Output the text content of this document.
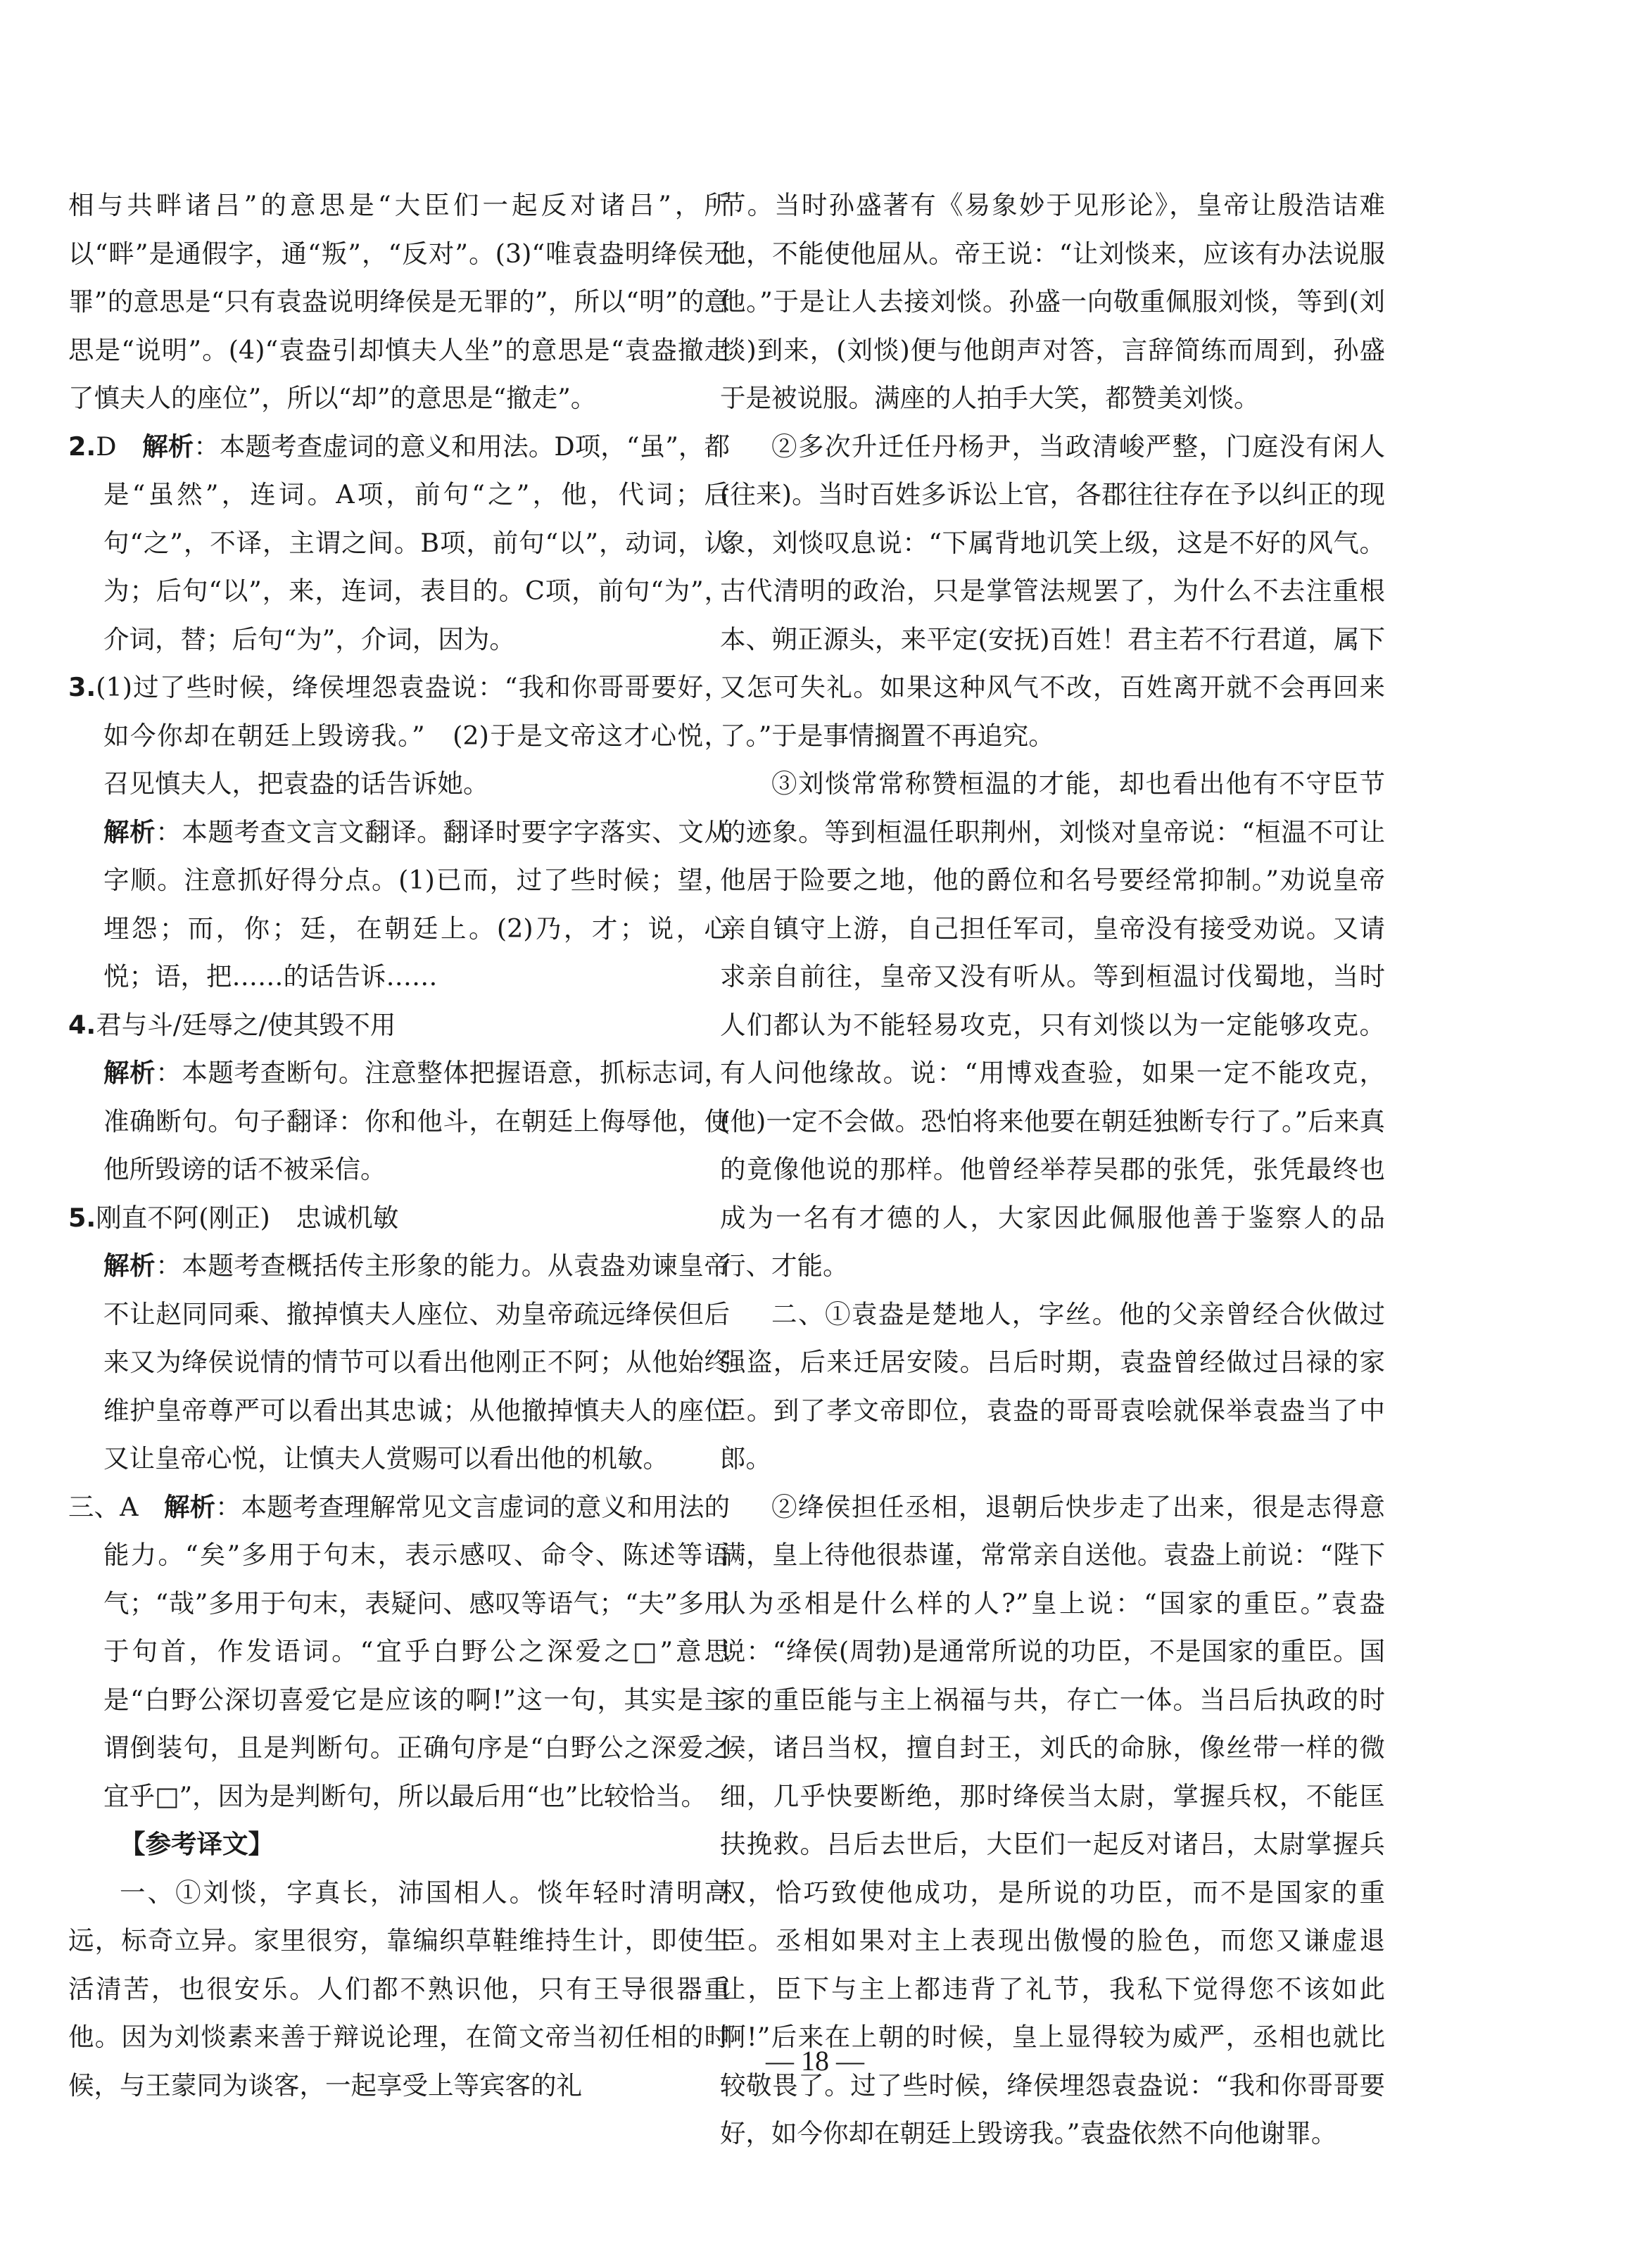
相与共畔诸吕”的意思是“大臣们一起反对诸吕”，所以“畔”是通假字，通“叛”，“反对”。(3)“唯袁盎明绛侯无罪”的意思是“只有袁盎说明绛侯是无罪的”，所以“明”的意思是“说明”。(4)“袁盎引却慎夫人坐”的意思是“袁盎撤走了慎夫人的座位”，所以“却”的意思是“撤走”。

2.D　 解析：本题考查虚词的意义和用法。D项，“虽”，都是“虽然”，连词。A项，前句“之”，他，代词；后句“之”，不译，主谓之间。B项，前句“以”，动词，认为；后句“以”，来，连词，表目的。C项，前句“为”，介词，替；后句“为”，介词，因为。

3.(1)过了些时候，绛侯埋怨袁盎说：“我和你哥哥要好，如今你却在朝廷上毁谤我。”　(2)于是文帝这才心悦，召见慎夫人，把袁盎的话告诉她。

解析：本题考查文言文翻译。翻译时要字字落实、文从字顺。注意抓好得分点。(1)已而，过了些时候；望，埋怨；而，你；廷，在朝廷上。(2)乃，才；说，心悦；语，把……的话告诉……

4.君与斗/廷辱之/使其毁不用

解析：本题考查断句。注意整体把握语意，抓标志词，准确断句。句子翻译：你和他斗，在朝廷上侮辱他，使他所毁谤的话不被采信。

5.刚直不阿(刚正)　忠诚机敏

解析：本题考查概括传主形象的能力。从袁盎劝谏皇帝不让赵同同乘、撤掉慎夫人座位、劝皇帝疏远绛侯但后来又为绛侯说情的情节可以看出他刚正不阿；从他始终维护皇帝尊严可以看出其忠诚；从他撤掉慎夫人的座位又让皇帝心悦，让慎夫人赏赐可以看出他的机敏。

三、A　 解析：本题考查理解常见文言虚词的意义和用法的能力。“矣”多用于句末，表示感叹、命令、陈述等语气；“哉”多用于句末，表疑问、感叹等语气；“夫”多用于句首，作发语词。“宜乎白野公之深爱之□”意思是“白野公深切喜爱它是应该的啊!”这一句，其实是主谓倒装句，且是判断句。正确句序是“白野公之深爱之宜乎□”，因为是判断句，所以最后用“也”比较恰当。

【参考译文】

一、①刘惔，字真长，沛国相人。惔年轻时清明高远，标奇立异。家里很穷，靠编织草鞋维持生计，即使生活清苦，也很安乐。人们都不熟识他，只有王导很器重他。因为刘惔素来善于辩说论理，在简文帝当初任相的时候，与王蒙同为谈客，一起享受上等宾客的礼

节。当时孙盛著有《易象妙于见形论》，皇帝让殷浩诘难他，不能使他屈从。帝王说：“让刘惔来，应该有办法说服他。”于是让人去接刘惔。孙盛一向敬重佩服刘惔，等到(刘惔)到来，(刘惔)便与他朗声对答，言辞简练而周到，孙盛于是被说服。满座的人拍手大笑，都赞美刘惔。

②多次升迁任丹杨尹，当政清峻严整，门庭没有闲人(往来)。当时百姓多诉讼上官，各郡往往存在予以纠正的现象，刘惔叹息说：“下属背地讥笑上级，这是不好的风气。古代清明的政治，只是掌管法规罢了，为什么不去注重根本、朔正源头，来平定(安抚)百姓！君主若不行君道，属下又怎可失礼。如果这种风气不改，百姓离开就不会再回来了。”于是事情搁置不再追究。

③刘惔常常称赞桓温的才能，却也看出他有不守臣节的迹象。等到桓温任职荆州，刘惔对皇帝说：“桓温不可让他居于险要之地，他的爵位和名号要经常抑制。”劝说皇帝亲自镇守上游，自己担任军司，皇帝没有接受劝说。又请求亲自前往，皇帝又没有听从。等到桓温讨伐蜀地，当时人们都认为不能轻易攻克，只有刘惔以为一定能够攻克。有人问他缘故。说：“用博戏查验，如果一定不能攻克，(他)一定不会做。恐怕将来他要在朝廷独断专行了。”后来真的竟像他说的那样。他曾经举荐吴郡的张凭，张凭最终也成为一名有才德的人，大家因此佩服他善于鉴察人的品行、才能。

二、①袁盎是楚地人，字丝。他的父亲曾经合伙做过强盗，后来迁居安陵。吕后时期，袁盎曾经做过吕禄的家臣。到了孝文帝即位，袁盎的哥哥袁哙就保举袁盎当了中郎。

②绛侯担任丞相，退朝后快步走了出来，很是志得意满，皇上待他很恭谨，常常亲自送他。袁盎上前说：“陛下认为丞相是什么样的人?”皇上说：“国家的重臣。”袁盎说：“绛侯(周勃)是通常所说的功臣，不是国家的重臣。国家的重臣能与主上祸福与共，存亡一体。当吕后执政的时候，诸吕当权，擅自封王，刘氏的命脉，像丝带一样的微细，几乎快要断绝，那时绛侯当太尉，掌握兵权，不能匡扶挽救。吕后去世后，大臣们一起反对诸吕，太尉掌握兵权，恰巧致使他成功，是所说的功臣，而不是国家的重臣。丞相如果对主上表现出傲慢的脸色，而您又谦虚退让，臣下与主上都违背了礼节，我私下觉得您不该如此啊!”后来在上朝的时候，皇上显得较为威严，丞相也就比较敬畏了。过了些时候，绛侯埋怨袁盎说：“我和你哥哥要好，如今你却在朝廷上毁谤我。”袁盎依然不向他谢罪。

— 18 —
